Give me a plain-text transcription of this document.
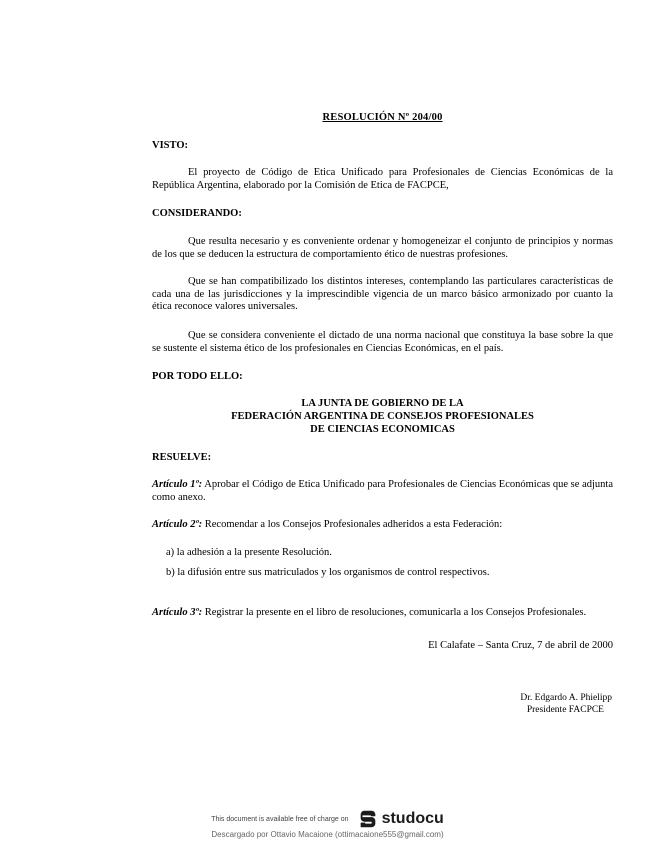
RESOLUCIÓN Nº 204/00
VISTO:
El proyecto de Código de Etica Unificado para Profesionales de Ciencias Económicas de la República Argentina, elaborado por la Comisión de Etica de FACPCE,
CONSIDERANDO:
Que resulta necesario y es conveniente ordenar y homogeneizar el conjunto de principios y normas de los que se deducen la estructura de comportamiento ético de nuestras profesiones.
Que se han compatibilizado los distintos intereses, contemplando las particulares características de cada una de las jurisdicciones y la imprescindible vigencia de un marco básico armonizado por cuanto la ética reconoce valores universales.
Que se considera conveniente el dictado de una norma nacional que constituya la base sobre la que se sustente el sistema ético de los profesionales en Ciencias Económicas, en el país.
POR TODO ELLO:
LA JUNTA DE GOBIERNO DE LA
FEDERACIÓN ARGENTINA DE CONSEJOS PROFESIONALES
DE CIENCIAS ECONOMICAS
RESUELVE:
Artículo 1º: Aprobar el Código de Etica Unificado para Profesionales de Ciencias Económicas que se adjunta como anexo.
Artículo 2º: Recomendar a los Consejos Profesionales adheridos a esta Federación:
a) la adhesión a la presente Resolución.
b) la difusión entre sus matriculados y los organismos de control respectivos.
Artículo 3º: Registrar la presente en el libro de resoluciones, comunicarla a los Consejos Profesionales.
El Calafate – Santa Cruz, 7 de abril de 2000
Dr. Edgardo A. Phielipp
Presidente FACPCE
This document is available free of charge on studocu
Descargado por Ottavio Macaione (ottimacaione555@gmail.com)
